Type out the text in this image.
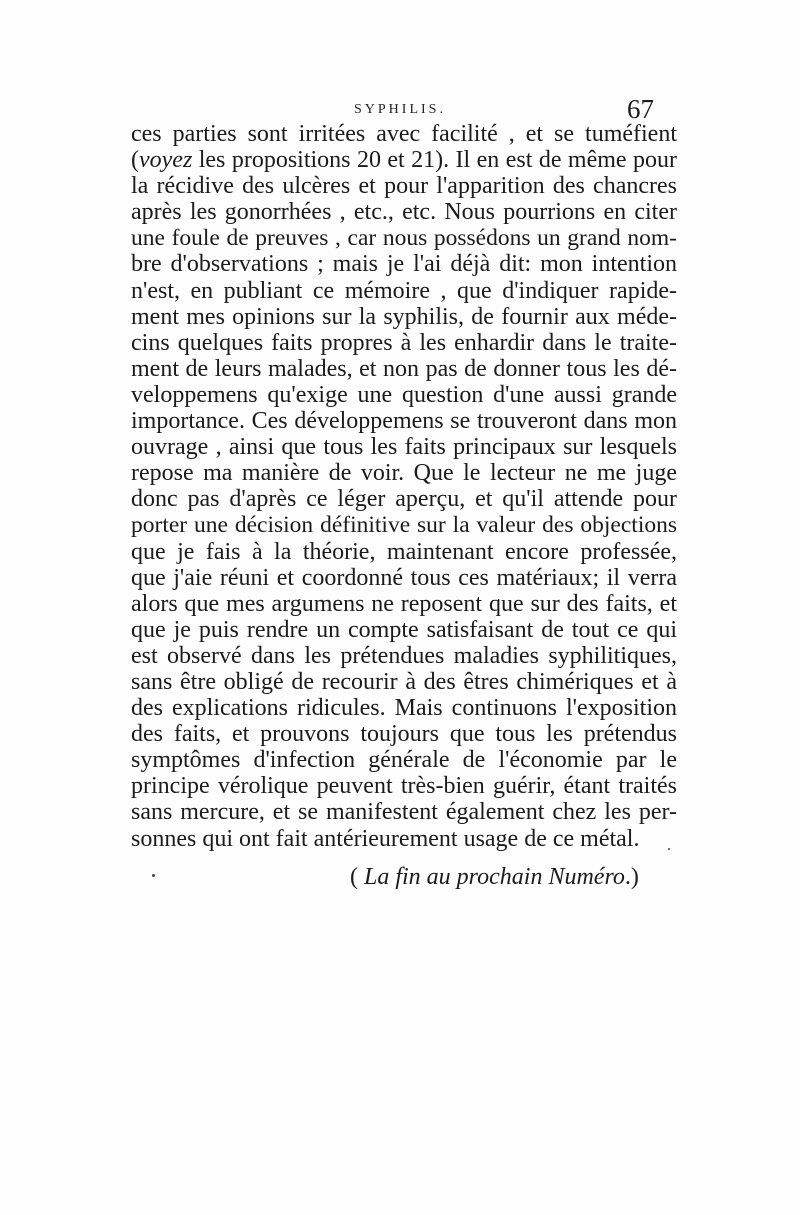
SYPHILIS.	67
ces parties sont irritées avec facilité , et se tuméfient
(voyez les propositions 20 et 21). Il en est de même pour
la récidive des ulcères et pour l'apparition des chancres
après les gonorrhées , etc., etc. Nous pourrions en citer
une foule de preuves , car nous possédons un grand nom-
bre d'observations ; mais je l'ai déjà dit: mon intention
n'est, en publiant ce mémoire , que d'indiquer rapide-
ment mes opinions sur la syphilis, de fournir aux méde-
cins quelques faits propres à les enhardir dans le traite-
ment de leurs malades, et non pas de donner tous les dé-
veloppemens qu'exige une question d'une aussi grande
importance. Ces développemens se trouveront dans mon
ouvrage , ainsi que tous les faits principaux sur lesquels
repose ma manière de voir. Que le lecteur ne me juge
donc pas d'après ce léger aperçu, et qu'il attende pour
porter une décision définitive sur la valeur des objections
que je fais à la théorie, maintenant encore professée,
que j'aie réuni et coordonné tous ces matériaux; il verra
alors que mes argumens ne reposent que sur des faits, et
que je puis rendre un compte satisfaisant de tout ce qui
est observé dans les prétendues maladies syphilitiques,
sans être obligé de recourir à des êtres chimériques et à
des explications ridicules. Mais continuons l'exposition
des faits, et prouvons toujours que tous les prétendus
symptômes d'infection générale de l'économie par le
principe vérolique peuvent très-bien guérir, étant traités
sans mercure, et se manifestent également chez les per-
sonnes qui ont fait antérieurement usage de ce métal.
( La fin au prochain Numéro.)
